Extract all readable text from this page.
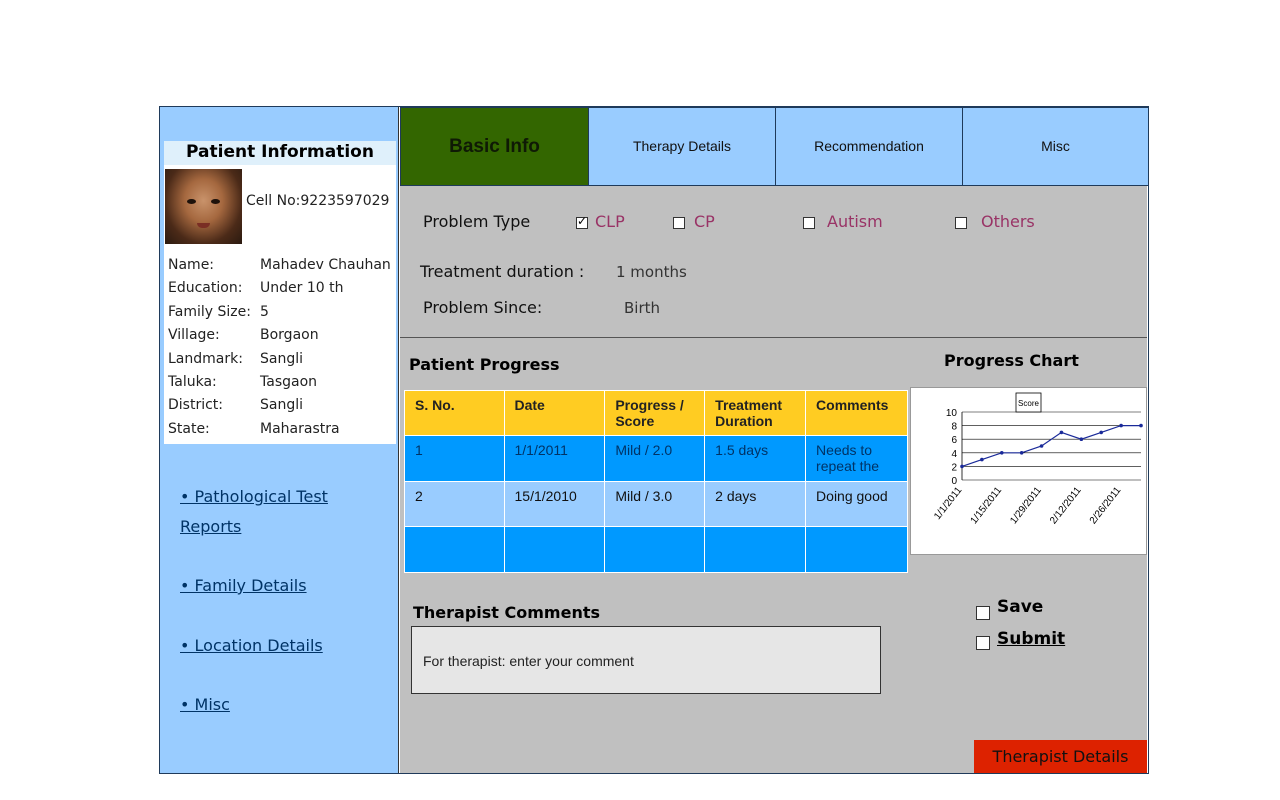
Patient Information
Cell No:9223597029
Name:	Mahadev Chauhan
Education: Under 10 th
Family Size: 5
Village:	Borgaon
Landmark: Sangli
Taluka:	Tasgaon
District:	Sangli
State:	Maharastra
• Pathological Test Reports
• Family Details
• Location Details
• Misc
Basic Info	Therapy Details	Recommendation	Misc
Problem Type ✓	CLP	CP	Autism	Others
Treatment duration : 1 months
Problem Since:	Birth
Patient Progress	Progress Chart
S. No.	Date	Progress / Score	Treatment Duration	Comments
1	1/1/2011	Mild / 2.0	1.5 days	Needs to repeat the
2	15/1/2010	Mild / 3.0	2 days	Doing good

0
2
4
6
8
10
1/1/2011 1/15/2011 1/29/2011 2/12/2011 2/26/2011
Score
Therapist Comments
For therapist: enter your comment
Save
Submit
Therapist Details
